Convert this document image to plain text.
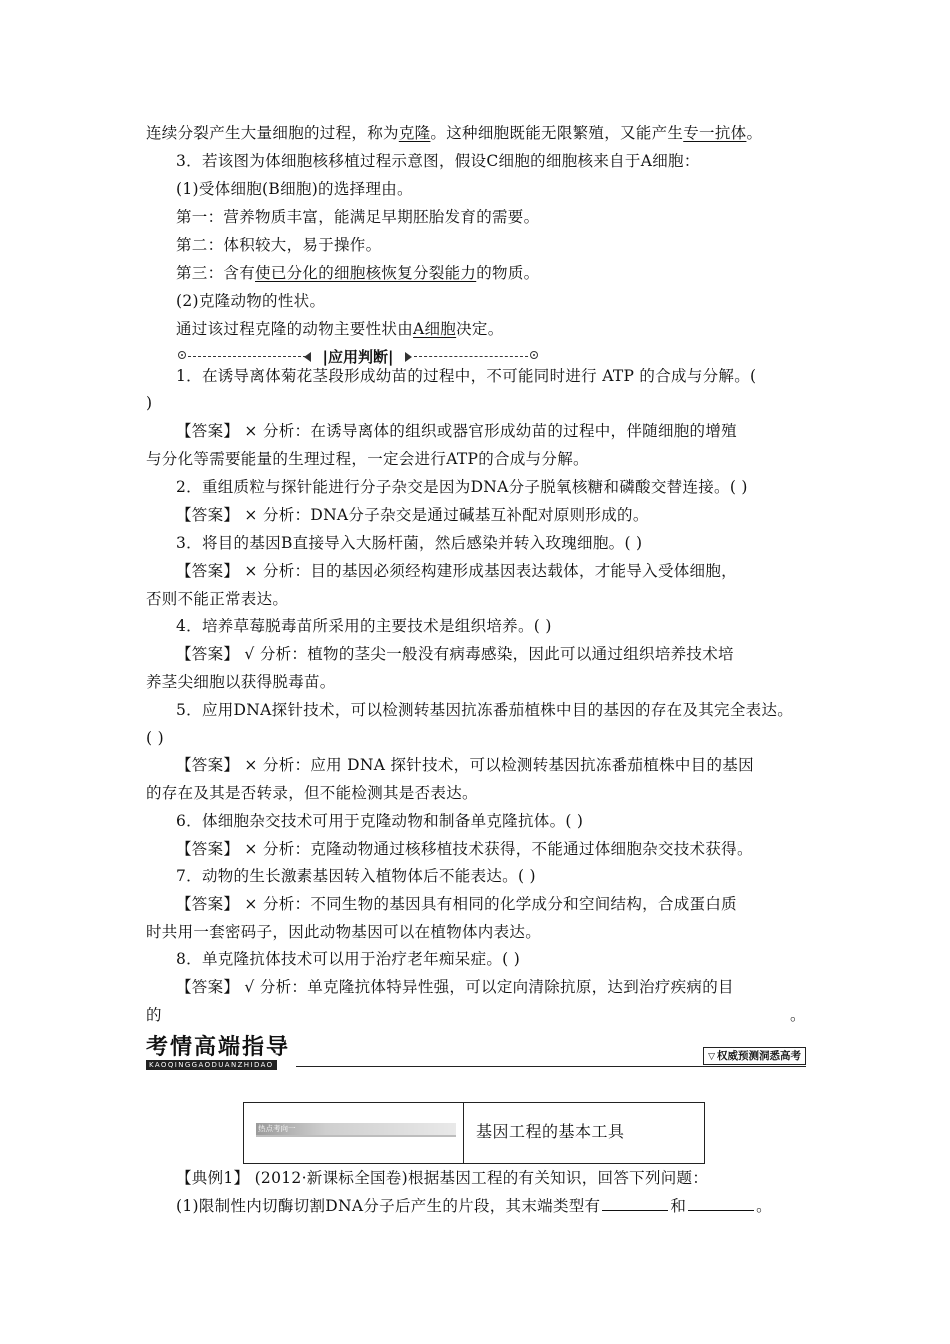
连续分裂产生大量细胞的过程，称为克隆。这种细胞既能无限繁殖，又能产生专一抗体。
3．若该图为体细胞核移植过程示意图，假设C细胞的细胞核来自于A细胞：
(1)受体细胞(B细胞)的选择理由。
第一：营养物质丰富，能满足早期胚胎发育的需要。
第二：体积较大，易于操作。
第三：含有使已分化的细胞核恢复分裂能力的物质。
(2)克隆动物的性状。
通过该过程克隆的动物主要性状由A细胞决定。
| 应用判断 |
1．在诱导离体菊花茎段形成幼苗的过程中，不可能同时进行 ATP 的合成与分解。(
)
【答案】 × 分析：在诱导离体的组织或器官形成幼苗的过程中，伴随细胞的增殖
与分化等需要能量的生理过程，一定会进行ATP的合成与分解。
2．重组质粒与探针能进行分子杂交是因为DNA分子脱氧核糖和磷酸交替连接。( )
【答案】 × 分析：DNA分子杂交是通过碱基互补配对原则形成的。
3．将目的基因B直接导入大肠杆菌，然后感染并转入玫瑰细胞。( )
【答案】 × 分析：目的基因必须经构建形成基因表达载体，才能导入受体细胞，
否则不能正常表达。
4．培养草莓脱毒苗所采用的主要技术是组织培养。( )
【答案】 √ 分析：植物的茎尖一般没有病毒感染，因此可以通过组织培养技术培
养茎尖细胞以获得脱毒苗。
5．应用DNA探针技术，可以检测转基因抗冻番茄植株中目的基因的存在及其完全表达。
( )
【答案】 × 分析：应用 DNA 探针技术，可以检测转基因抗冻番茄植株中目的基因
的存在及其是否转录，但不能检测其是否表达。
6．体细胞杂交技术可用于克隆动物和制备单克隆抗体。( )
【答案】 × 分析：克隆动物通过核移植技术获得，不能通过体细胞杂交技术获得。
7．动物的生长激素基因转入植物体后不能表达。( )
【答案】 × 分析：不同生物的基因具有相同的化学成分和空间结构，合成蛋白质
时共用一套密码子，因此动物基因可以在植物体内表达。
8．单克隆抗体技术可以用于治疗老年痴呆症。( )
【答案】 √ 分析：单克隆抗体特异性强，可以定向清除抗原，达到治疗疾病的目
的	。
考情高端指导
KAOQINGGAODUANZHIDAO
▽ 权威预测洞悉高考
热点考向一	基因工程的基本工具
【典例1】 (2012·新课标全国卷)根据基因工程的有关知识，回答下列问题：
(1)限制性内切酶切割DNA分子后产生的片段，其末端类型有	和	。
